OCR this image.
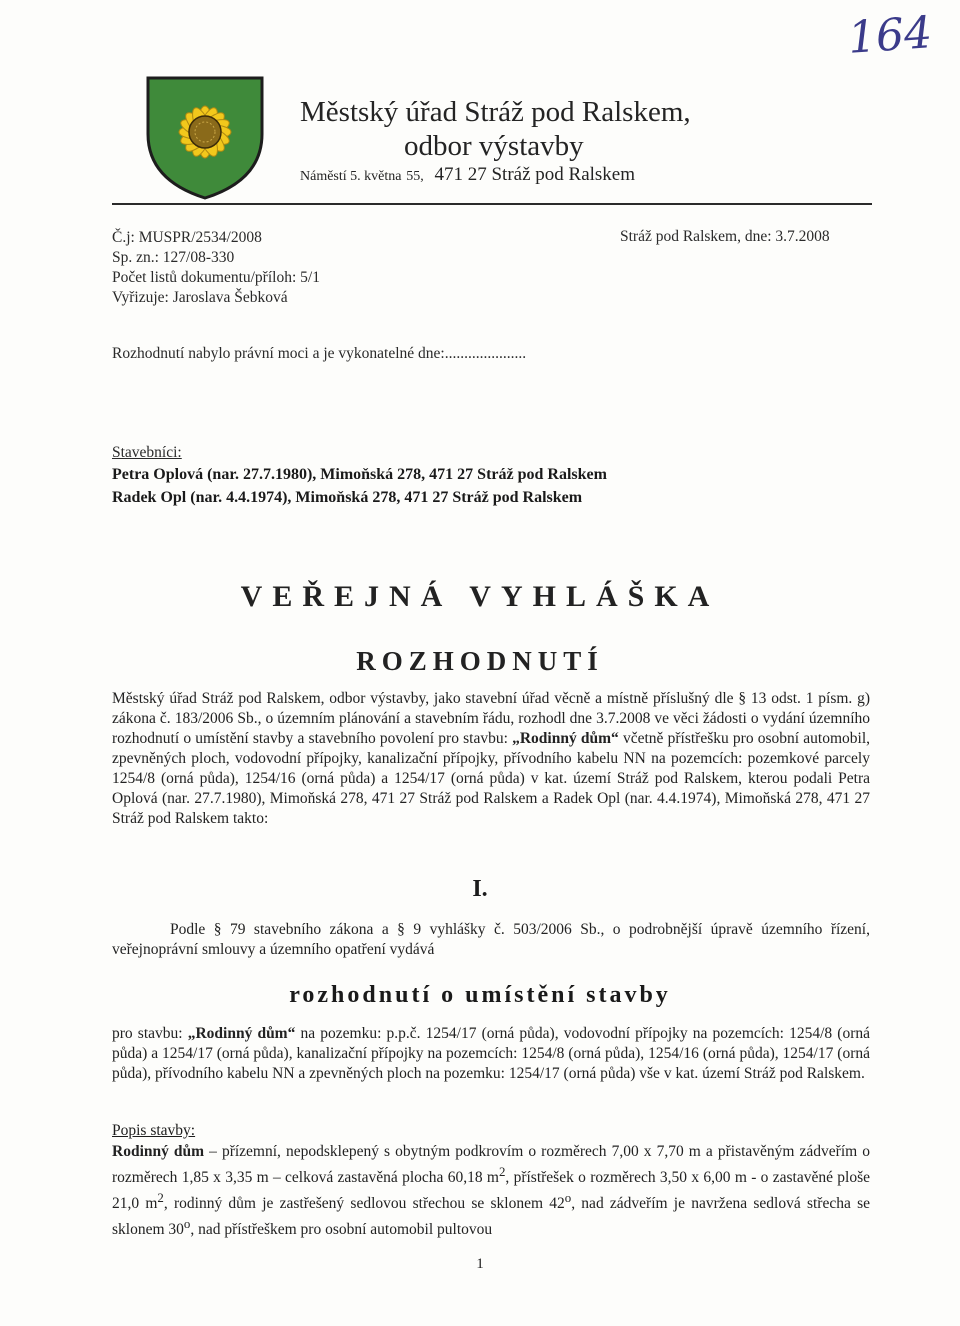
164
Městský úřad Stráž pod Ralskem,
odbor výstavby
Náměstí 5. května 55, 471 27 Stráž pod Ralskem
Č.j: MUSPR/2534/2008
Sp. zn.: 127/08-330
Počet listů dokumentu/příloh: 5/1
Vyřizuje: Jaroslava Šebková
Stráž pod Ralskem, dne: 3.7.2008
Rozhodnutí nabylo právní moci a je vykonatelné dne:.....................
Stavebníci:
Petra Oplová (nar. 27.7.1980), Mimoňská 278, 471 27 Stráž pod Ralskem
Radek Opl (nar. 4.4.1974), Mimoňská 278, 471 27 Stráž pod Ralskem
VEŘEJNÁ VYHLÁŠKA
ROZHODNUTÍ
Městský úřad Stráž pod Ralskem, odbor výstavby, jako stavební úřad věcně a místně příslušný dle § 13 odst. 1 písm. g) zákona č. 183/2006 Sb., o územním plánování a stavebním řádu, rozhodl dne 3.7.2008 ve věci žádosti o vydání územního rozhodnutí o umístění stavby a stavebního povolení pro stavbu: „Rodinný dům“ včetně přístřešku pro osobní automobil, zpevněných ploch, vodovodní přípojky, kanalizační přípojky, přívodního kabelu NN na pozemcích: pozemkové parcely 1254/8 (orná půda), 1254/16 (orná půda) a 1254/17 (orná půda) v kat. území Stráž pod Ralskem, kterou podali Petra Oplová (nar. 27.7.1980), Mimoňská 278, 471 27 Stráž pod Ralskem a Radek Opl (nar. 4.4.1974), Mimoňská 278, 471 27 Stráž pod Ralskem takto:
I.
Podle § 79 stavebního zákona a § 9 vyhlášky č. 503/2006 Sb., o podrobnější úpravě územního řízení, veřejnoprávní smlouvy a územního opatření vydává
rozhodnutí o umístění stavby
pro stavbu: „Rodinný dům“ na pozemku: p.p.č. 1254/17 (orná půda), vodovodní přípojky na pozemcích: 1254/8 (orná půda) a 1254/17 (orná půda), kanalizační přípojky na pozemcích: 1254/8 (orná půda), 1254/16 (orná půda), 1254/17 (orná půda), přívodního kabelu NN a zpevněných ploch na pozemku: 1254/17 (orná půda) vše v kat. území Stráž pod Ralskem.
Popis stavby:
Rodinný dům – přízemní, nepodsklepený s obytným podkrovím o rozměrech 7,00 x 7,70 m a přistavěným zádveřím o rozměrech 1,85 x 3,35 m – celková zastavěná plocha 60,18 $m^2$, přístřešek o rozměrech 3,50 x 6,00 m - o zastavěné ploše 21,0 $m^2$, rodinný dům je zastřešený sedlovou střechou se sklonem 42$^o$, nad zádveřím je navržena sedlová střecha se sklonem 30$^o$, nad přístřeškem pro osobní automobil pultovou
1
